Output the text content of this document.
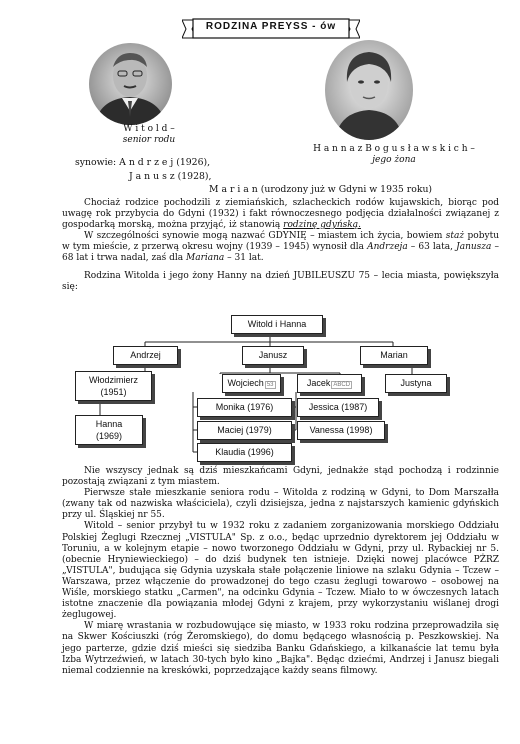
RODZINA PREYSS - ów
W i t o l d –
senior rodu
H a n n a z B o g u s ł a w s k i c h –
jego żona
synowie: A n d r z e j (1926),
J a n u s z (1928),
M a r i a n (urodzony już w Gdyni w 1935 roku)

Chociaż rodzice pochodzili z ziemiańskich, szlacheckich rodów kujawskich, biorąc pod uwagę rok przybycia do Gdyni (1932) i fakt równoczesnego podjęcia działalności związanej z gospodarką morską, można przyjąć, iż stanowią rodzinę gdyńską.

W szczególności synowie mogą nazwać GDYNIĘ – miastem ich życia, bowiem staż pobytu w tym mieście, z przerwą okresu wojny (1939 – 1945) wynosił dla Andrzeja – 63 lata, Janusza – 68 lat i trwa nadal, zaś dla Mariana – 31 lat.

Rodzina Witolda i jego żony Hanny na dzień JUBILEUSZU 75 – lecia miasta, powiększyła się:

Witold i Hanna
Andrzej	Janusz	Marian
Włodzimierz
(1951)
Wojciech 53	Jacek ABCD	Justyna
Hanna
(1969)
Monika (1976)	Jessica (1987)
Maciej (1979)	Vanessa (1998)
Klaudia (1996)

Nie wszyscy jednak są dziś mieszkańcami Gdyni, jednakże stąd pochodzą i rodzinnie pozostają związani z tym miastem.

Pierwsze stałe mieszkanie seniora rodu – Witolda z rodziną w Gdyni, to Dom Marszałła (zwany tak od nazwiska właściciela), czyli dzisiejsza, jedna z najstarszych kamienic gdyńskich przy ul. Śląskiej nr 55.

Witold – senior przybył tu w 1932 roku z zadaniem zorganizowania morskiego Oddziału Polskiej Żeglugi Rzecznej „VISTULA" Sp. z o.o., będąc uprzednio dyrektorem jej Oddziału w Toruniu, a w kolejnym etapie – nowo tworzonego Oddziału w Gdyni, przy ul. Rybackiej nr 5. (obecnie Hryniewieckiego) – do dziś budynek ten istnieje. Dzięki nowej placówce PŻRZ „VISTULA", budująca się Gdynia uzyskała stałe połączenie liniowe na szlaku Gdynia – Tczew – Warszawa, przez włączenie do prowadzonej do tego czasu żeglugi towarowo – osobowej na Wiśle, morskiego statku „Carmen", na odcinku Gdynia – Tczew. Miało to w ówczesnych latach istotne znaczenie dla powiązania młodej Gdyni z krajem, przy wykorzystaniu wiślanej drogi żeglugowej.

W miarę wrastania w rozbudowujące się miasto, w 1933 roku rodzina przeprowadziła się na Skwer Kościuszki (róg Żeromskiego), do domu będącego własnością p. Peszkowskiej. Na jego parterze, gdzie dziś mieści się siedziba Banku Gdańskiego, a kilkanaście lat temu była Izba Wytrzeźwień, w latach 30-tych było kino „Bajka". Będąc dziećmi, Andrzej i Janusz biegali niemal codziennie na kreskówki, poprzedzające każdy seans filmowy.
